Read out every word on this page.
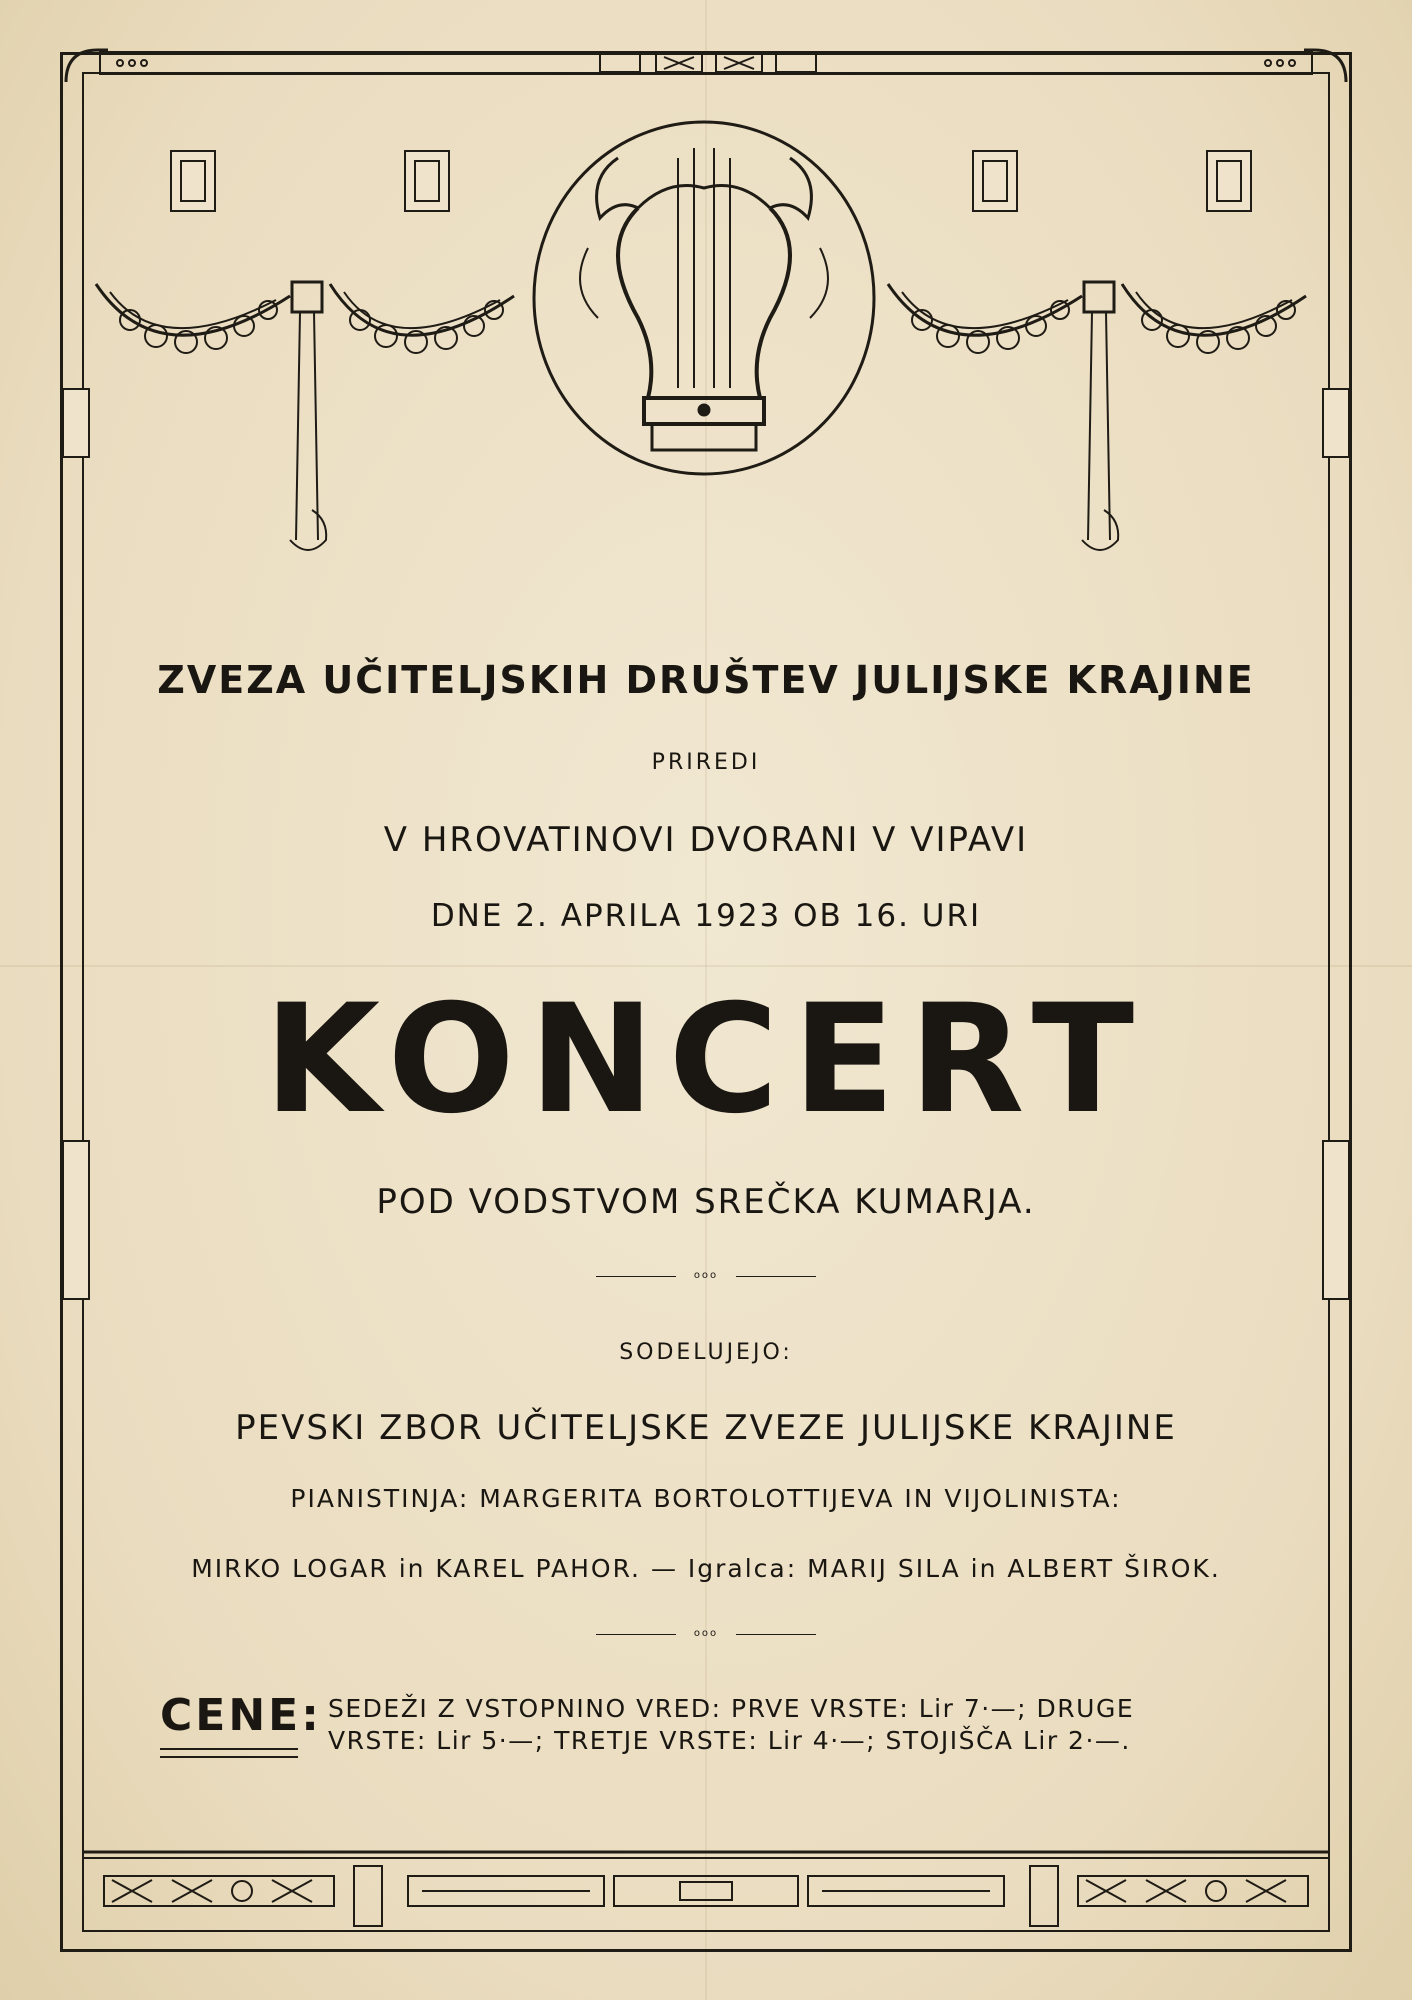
ZVEZA UČITELJSKIH DRUŠTEV JULIJSKE KRAJINE
PRIREDI
V HROVATINOVI DVORANI V VIPAVI
DNE 2. APRILA 1923 OB 16. URI
KONCERT
POD VODSTVOM SREČKA KUMARJA.
ooo
SODELUJEJO:
PEVSKI ZBOR UČITELJSKE ZVEZE JULIJSKE KRAJINE
PIANISTINJA: MARGERITA BORTOLOTTIJEVA IN VIJOLINISTA:
MIRKO LOGAR in KAREL PAHOR. — Igralca: MARIJ SILA in ALBERT ŠIROK.
ooo
CENE: SEDEŽI Z VSTOPNINO VRED: PRVE VRSTE: Lir 7·—; DRUGE
VRSTE: Lir 5·—; TRETJE VRSTE: Lir 4·—; STOJIŠČA Lir 2·—.
